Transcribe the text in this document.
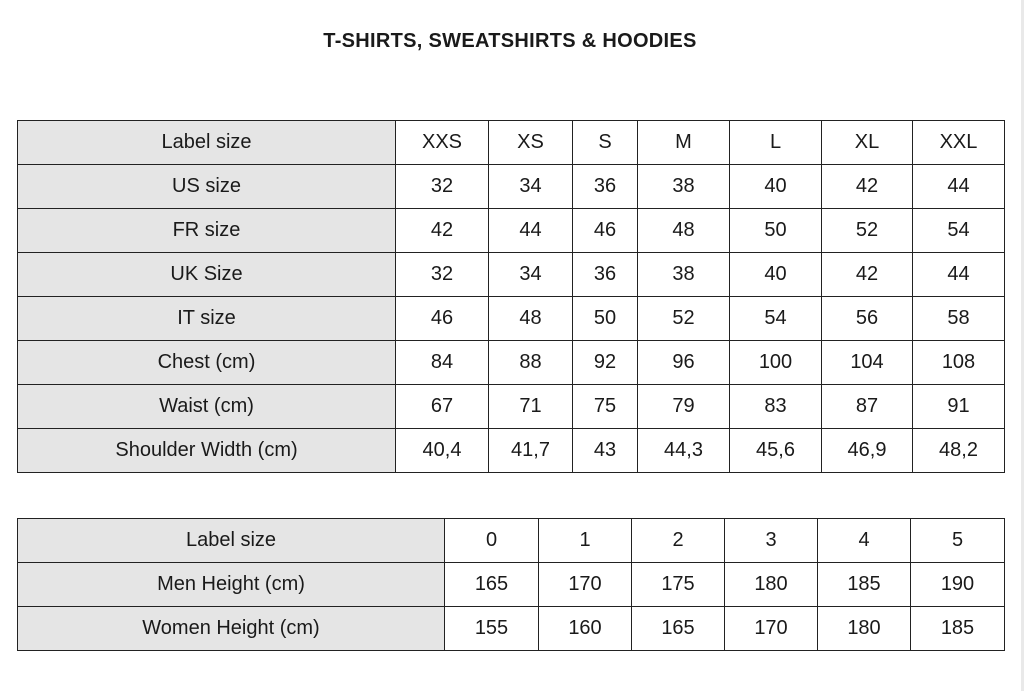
T-SHIRTS, SWEATSHIRTS & HOODIES
Label size	XXS	XS	S	M	L	XL	XXL
US size	32	34	36	38	40	42	44
FR size	42	44	46	48	50	52	54
UK Size	32	34	36	38	40	42	44
IT size	46	48	50	52	54	56	58
Chest (cm)	84	88	92	96	100	104	108
Waist (cm)	67	71	75	79	83	87	91
Shoulder Width (cm)	40,4	41,7	43	44,3	45,6	46,9	48,2
Label size	0	1	2	3	4	5
Men Height (cm)	165	170	175	180	185	190
Women Height (cm)	155	160	165	170	180	185
